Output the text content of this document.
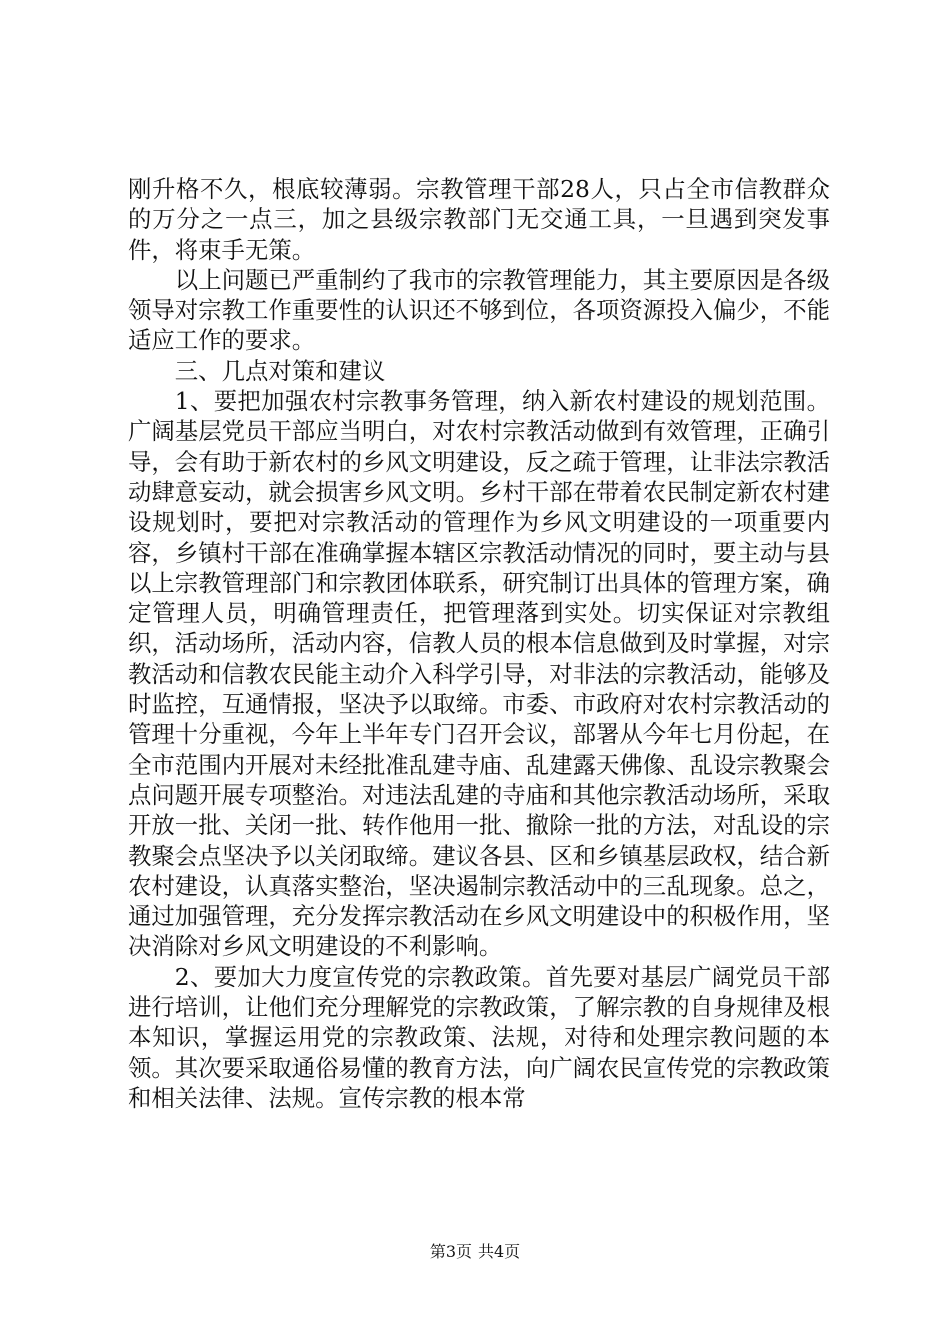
刚升格不久，根底较薄弱。宗教管理干部28人，只占全市信教群众的万分之一点三，加之县级宗教部门无交通工具，一旦遇到突发事件，将束手无策。

以上问题已严重制约了我市的宗教管理能力，其主要原因是各级领导对宗教工作重要性的认识还不够到位，各项资源投入偏少，不能适应工作的要求。

三、几点对策和建议

1、要把加强农村宗教事务管理，纳入新农村建设的规划范围。广阔基层党员干部应当明白，对农村宗教活动做到有效管理，正确引导，会有助于新农村的乡风文明建设，反之疏于管理，让非法宗教活动肆意妄动，就会损害乡风文明。乡村干部在带着农民制定新农村建设规划时，要把对宗教活动的管理作为乡风文明建设的一项重要内容，乡镇村干部在准确掌握本辖区宗教活动情况的同时，要主动与县以上宗教管理部门和宗教团体联系，研究制订出具体的管理方案，确定管理人员，明确管理责任，把管理落到实处。切实保证对宗教组织，活动场所，活动内容，信教人员的根本信息做到及时掌握，对宗教活动和信教农民能主动介入科学引导，对非法的宗教活动，能够及时监控，互通情报，坚决予以取缔。市委、市政府对农村宗教活动的管理十分重视，今年上半年专门召开会议，部署从今年七月份起，在全市范围内开展对未经批准乱建寺庙、乱建露天佛像、乱设宗教聚会点问题开展专项整治。对违法乱建的寺庙和其他宗教活动场所，采取开放一批、关闭一批、转作他用一批、撤除一批的方法，对乱设的宗教聚会点坚决予以关闭取缔。建议各县、区和乡镇基层政权，结合新农村建设，认真落实整治，坚决遏制宗教活动中的三乱现象。总之，通过加强管理，充分发挥宗教活动在乡风文明建设中的积极作用，坚决消除对乡风文明建设的不利影响。

2、要加大力度宣传党的宗教政策。首先要对基层广阔党员干部进行培训，让他们充分理解党的宗教政策，了解宗教的自身规律及根本知识，掌握运用党的宗教政策、法规，对待和处理宗教问题的本领。其次要采取通俗易懂的教育方法，向广阔农民宣传党的宗教政策和相关法律、法规。宣传宗教的根本常

第3页 共4页
